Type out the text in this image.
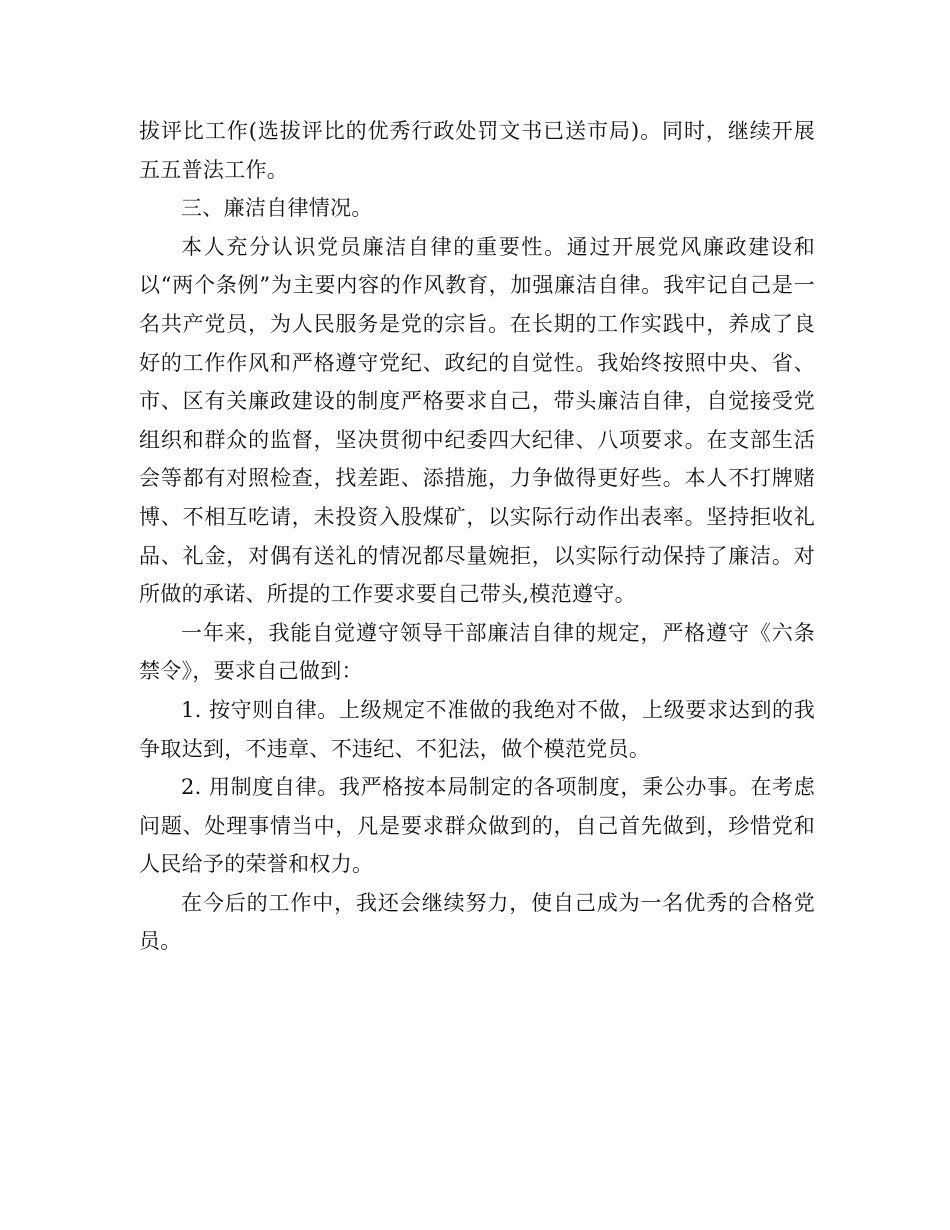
拔评比工作(选拔评比的优秀行政处罚文书已送市局)。同时，继续开展五五普法工作。

三、廉洁自律情况。

本人充分认识党员廉洁自律的重要性。通过开展党风廉政建设和以“两个条例”为主要内容的作风教育，加强廉洁自律。我牢记自己是一名共产党员，为人民服务是党的宗旨。在长期的工作实践中，养成了良好的工作作风和严格遵守党纪、政纪的自觉性。我始终按照中央、省、市、区有关廉政建设的制度严格要求自己，带头廉洁自律，自觉接受党组织和群众的监督，坚决贯彻中纪委四大纪律、八项要求。在支部生活会等都有对照检查，找差距、添措施，力争做得更好些。本人不打牌赌博、不相互吃请，未投资入股煤矿，以实际行动作出表率。坚持拒收礼品、礼金，对偶有送礼的情况都尽量婉拒，以实际行动保持了廉洁。对所做的承诺、所提的工作要求要自己带头,模范遵守。

一年来，我能自觉遵守领导干部廉洁自律的规定，严格遵守《六条禁令》，要求自己做到：

1. 按守则自律。上级规定不准做的我绝对不做，上级要求达到的我争取达到，不违章、不违纪、不犯法，做个模范党员。

2. 用制度自律。我严格按本局制定的各项制度，秉公办事。在考虑问题、处理事情当中，凡是要求群众做到的，自己首先做到，珍惜党和人民给予的荣誉和权力。

在今后的工作中，我还会继续努力，使自己成为一名优秀的合格党员。
